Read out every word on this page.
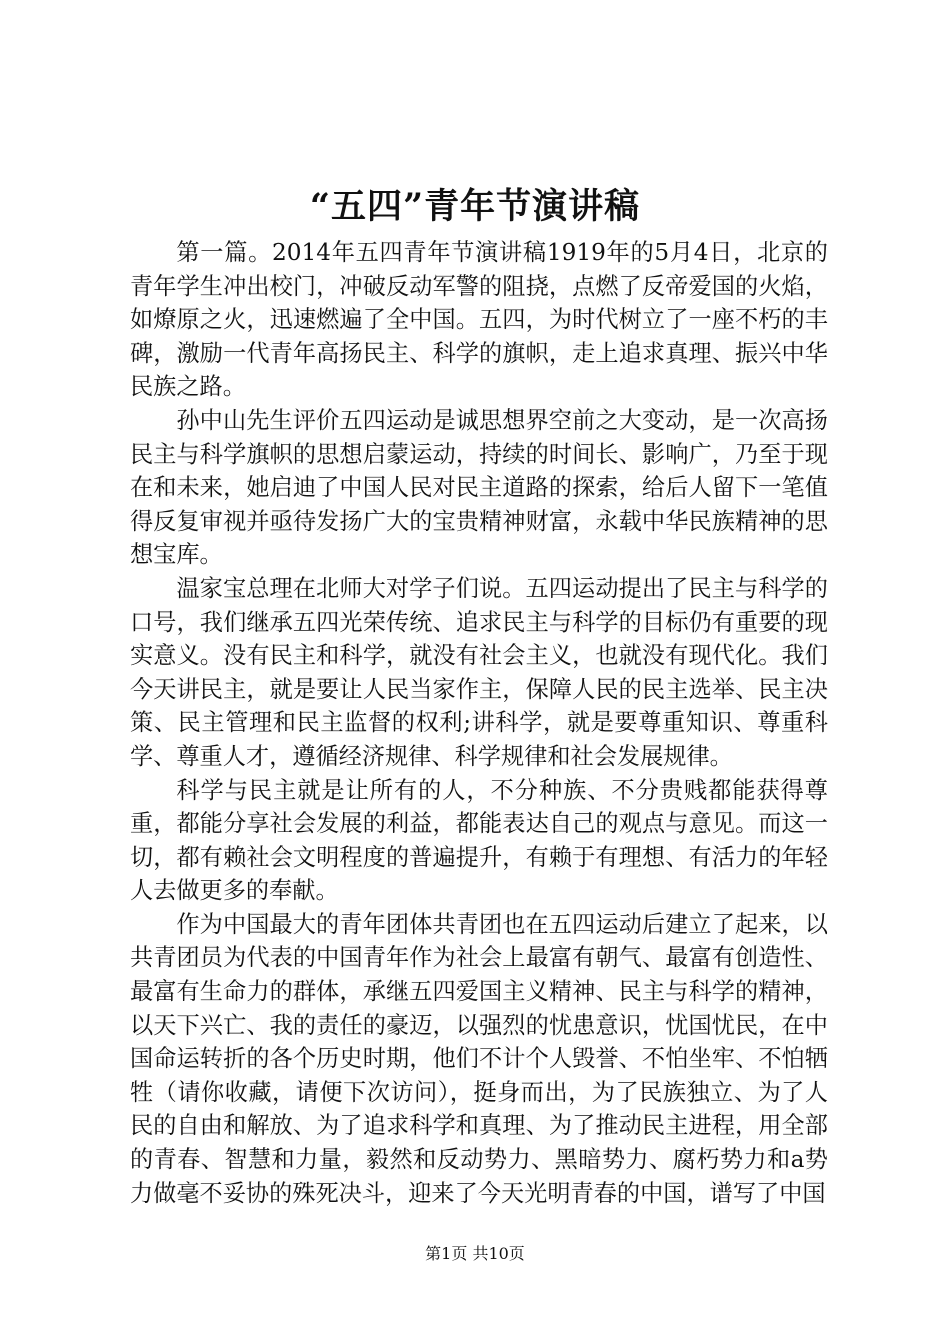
“五四”青年节演讲稿

第一篇。2014年五四青年节演讲稿1919年的5月4日，北京的青年学生冲出校门，冲破反动军警的阻挠，点燃了反帝爱国的火焰，如燎原之火，迅速燃遍了全中国。五四，为时代树立了一座不朽的丰碑，激励一代青年高扬民主、科学的旗帜，走上追求真理、振兴中华民族之路。

孙中山先生评价五四运动是诚思想界空前之大变动，是一次高扬民主与科学旗帜的思想启蒙运动，持续的时间长、影响广，乃至于现在和未来，她启迪了中国人民对民主道路的探索，给后人留下一笔值得反复审视并亟待发扬广大的宝贵精神财富，永载中华民族精神的思想宝库。

温家宝总理在北师大对学子们说。五四运动提出了民主与科学的口号，我们继承五四光荣传统、追求民主与科学的目标仍有重要的现实意义。没有民主和科学，就没有社会主义，也就没有现代化。我们今天讲民主，就是要让人民当家作主，保障人民的民主选举、民主决策、民主管理和民主监督的权利;讲科学，就是要尊重知识、尊重科学、尊重人才，遵循经济规律、科学规律和社会发展规律。

科学与民主就是让所有的人，不分种族、不分贵贱都能获得尊重，都能分享社会发展的利益，都能表达自己的观点与意见。而这一切，都有赖社会文明程度的普遍提升，有赖于有理想、有活力的年轻人去做更多的奉献。

作为中国最大的青年团体共青团也在五四运动后建立了起来，以共青团员为代表的中国青年作为社会上最富有朝气、最富有创造性、最富有生命力的群体，承继五四爱国主义精神、民主与科学的精神，以天下兴亡、我的责任的豪迈，以强烈的忧患意识，忧国忧民，在中国命运转折的各个历史时期，他们不计个人毁誉、不怕坐牢、不怕牺牲（请你收藏，请便下次访问），挺身而出，为了民族独立、为了人民的自由和解放、为了追求科学和真理、为了推动民主进程，用全部的青春、智慧和力量，毅然和反动势力、黑暗势力、腐朽势力和a势力做毫不妥协的殊死决斗，迎来了今天光明青春的中国，谱写了中国

第1页 共10页
